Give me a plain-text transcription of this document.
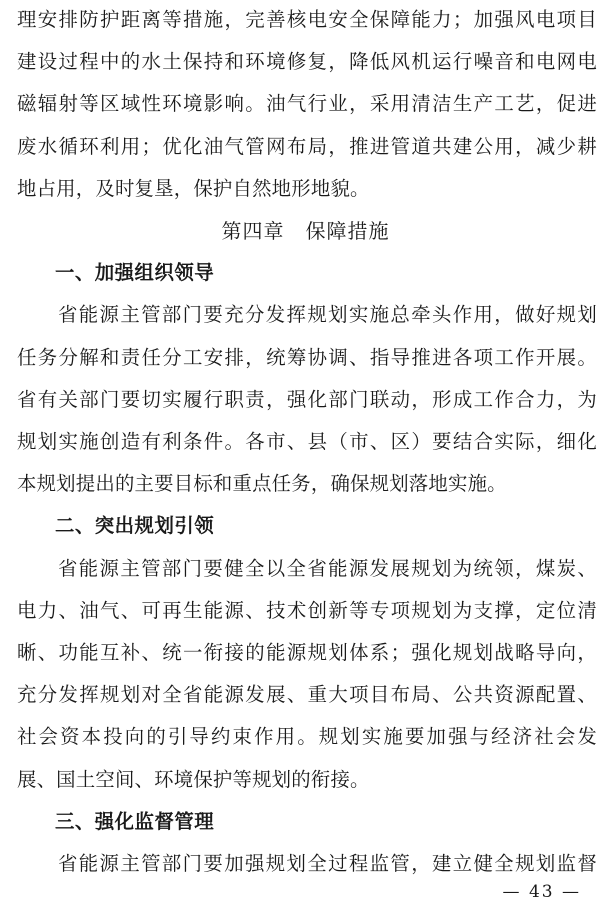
理安排防护距离等措施，完善核电安全保障能力；加强风电项目
建设过程中的水土保持和环境修复，降低风机运行噪音和电网电
磁辐射等区域性环境影响。油气行业，采用清洁生产工艺，促进
废水循环利用；优化油气管网布局，推进管道共建公用，减少耕
地占用，及时复垦，保护自然地形地貌。
第四章　保障措施
一、加强组织领导
省能源主管部门要充分发挥规划实施总牵头作用，做好规划
任务分解和责任分工安排，统筹协调、指导推进各项工作开展。
省有关部门要切实履行职责，强化部门联动，形成工作合力，为
规划实施创造有利条件。各市、县（市、区）要结合实际，细化
本规划提出的主要目标和重点任务，确保规划落地实施。
二、突出规划引领
省能源主管部门要健全以全省能源发展规划为统领，煤炭、
电力、油气、可再生能源、技术创新等专项规划为支撑，定位清
晰、功能互补、统一衔接的能源规划体系；强化规划战略导向，
充分发挥规划对全省能源发展、重大项目布局、公共资源配置、
社会资本投向的引导约束作用。规划实施要加强与经济社会发
展、国土空间、环境保护等规划的衔接。
三、强化监督管理
省能源主管部门要加强规划全过程监管，建立健全规划监督
— 43 —
